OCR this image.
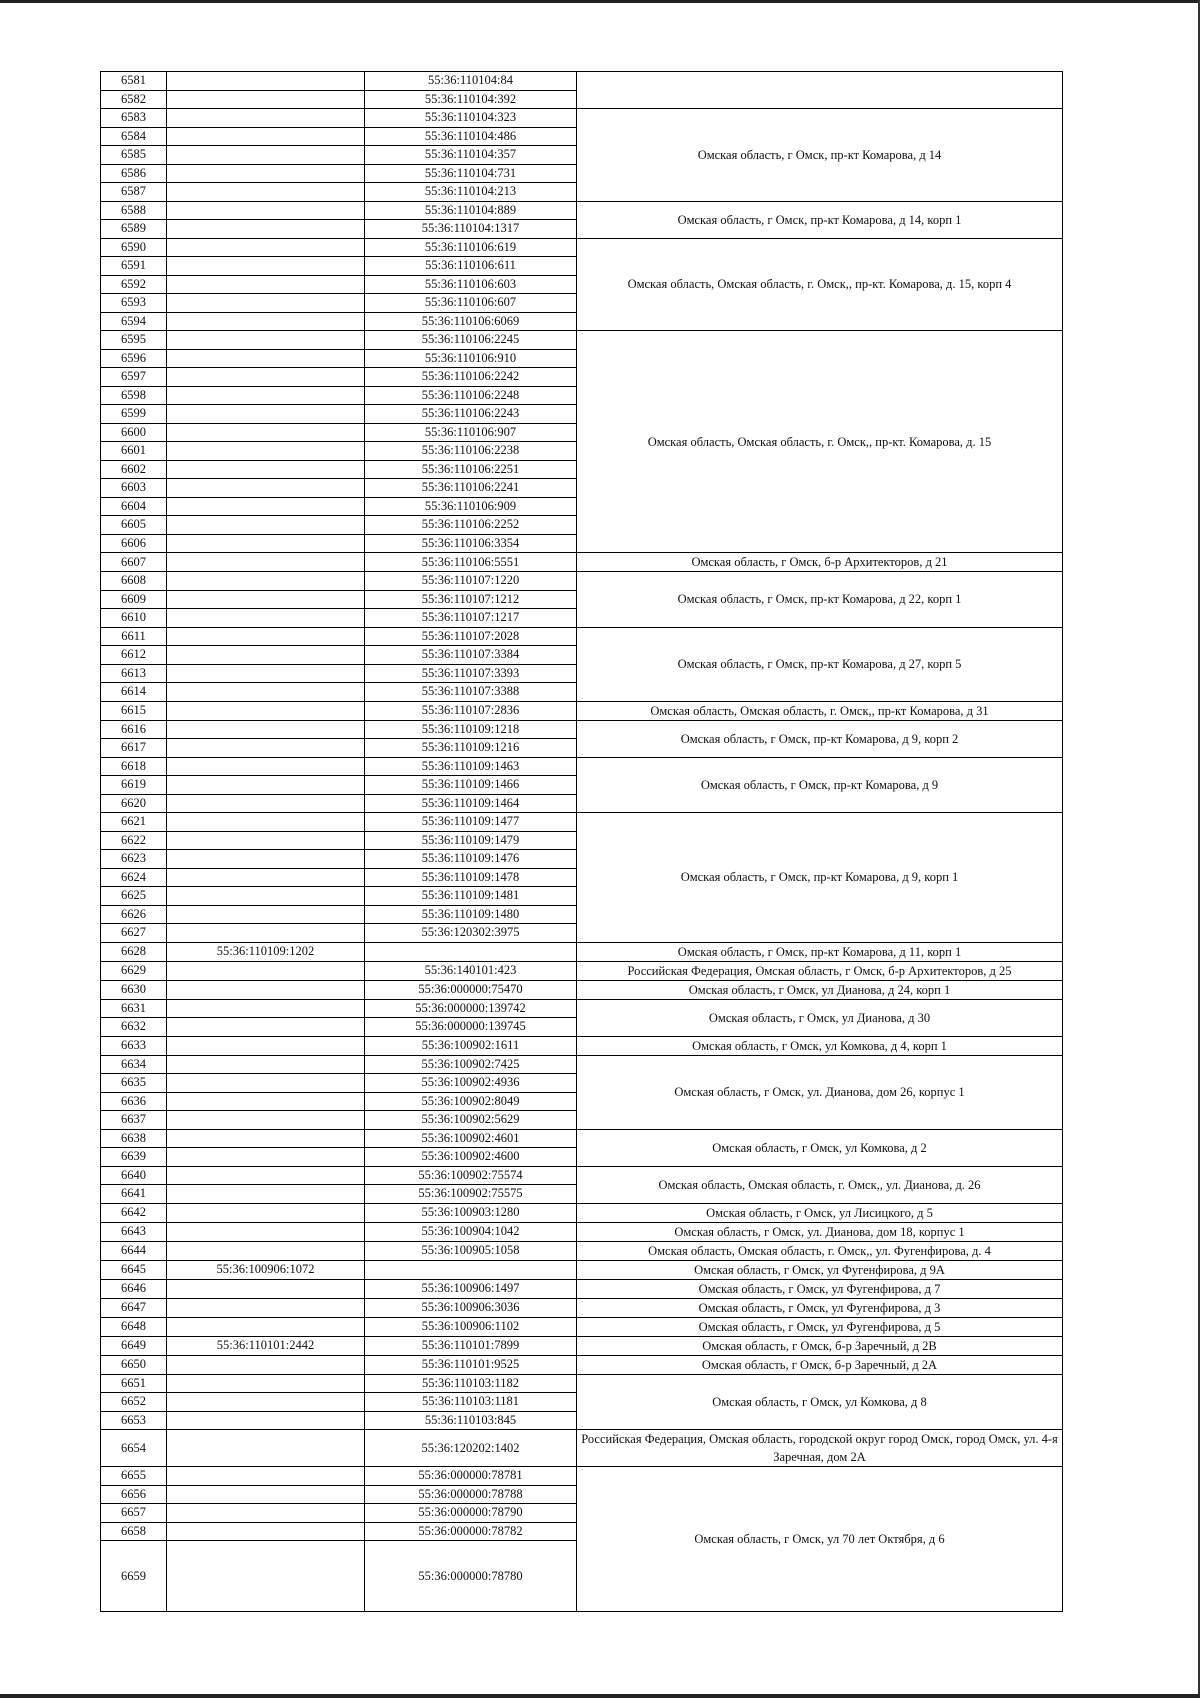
6581		55:36:110104:84	
6582		55:36:110104:392	
6583		55:36:110104:323	Омская область, г Омск, пр-кт Комарова, д 14
6584		55:36:110104:486	
6585		55:36:110104:357	
6586		55:36:110104:731	
6587		55:36:110104:213	
6588		55:36:110104:889	Омская область, г Омск, пр-кт Комарова, д 14, корп 1
6589		55:36:110104:1317	
6590		55:36:110106:619	Омская область, Омская область, г. Омск,, пр-кт. Комарова, д. 15, корп 4
6591		55:36:110106:611	
6592		55:36:110106:603	
6593		55:36:110106:607	
6594		55:36:110106:6069	
6595		55:36:110106:2245	Омская область, Омская область, г. Омск,, пр-кт. Комарова, д. 15
6596		55:36:110106:910	
6597		55:36:110106:2242	
6598		55:36:110106:2248	
6599		55:36:110106:2243	
6600		55:36:110106:907	
6601		55:36:110106:2238	
6602		55:36:110106:2251	
6603		55:36:110106:2241	
6604		55:36:110106:909	
6605		55:36:110106:2252	
6606		55:36:110106:3354	
6607		55:36:110106:5551	Омская область, г Омск, б-р Архитекторов, д 21
6608		55:36:110107:1220	Омская область, г Омск, пр-кт Комарова, д 22, корп 1
6609		55:36:110107:1212	
6610		55:36:110107:1217	
6611		55:36:110107:2028	Омская область, г Омск, пр-кт Комарова, д 27, корп 5
6612		55:36:110107:3384	
6613		55:36:110107:3393	
6614		55:36:110107:3388	
6615		55:36:110107:2836	Омская область, Омская область, г. Омск,, пр-кт Комарова, д 31
6616		55:36:110109:1218	Омская область, г Омск, пр-кт Комарова, д 9, корп 2
6617		55:36:110109:1216	
6618		55:36:110109:1463	Омская область, г Омск, пр-кт Комарова, д 9
6619		55:36:110109:1466	
6620		55:36:110109:1464	
6621		55:36:110109:1477	Омская область, г Омск, пр-кт Комарова, д 9, корп 1
6622		55:36:110109:1479	
6623		55:36:110109:1476	
6624		55:36:110109:1478	
6625		55:36:110109:1481	
6626		55:36:110109:1480	
6627		55:36:120302:3975	
6628	55:36:110109:1202		Омская область, г Омск, пр-кт Комарова, д 11, корп 1
6629		55:36:140101:423	Российская Федерация, Омская область, г Омск, б-р Архитекторов, д 25
6630		55:36:000000:75470	Омская область, г Омск, ул Дианова, д 24, корп 1
6631		55:36:000000:139742	Омская область, г Омск, ул Дианова, д 30
6632		55:36:000000:139745	
6633		55:36:100902:1611	Омская область, г Омск, ул Комкова, д 4, корп 1
6634		55:36:100902:7425	Омская область, г Омск, ул. Дианова, дом 26, корпус 1
6635		55:36:100902:4936	
6636		55:36:100902:8049	
6637		55:36:100902:5629	
6638		55:36:100902:4601	Омская область, г Омск, ул Комкова, д 2
6639		55:36:100902:4600	
6640		55:36:100902:75574	Омская область, Омская область, г. Омск,, ул. Дианова, д. 26
6641		55:36:100902:75575	
6642		55:36:100903:1280	Омская область, г Омск, ул Лисицкого, д 5
6643		55:36:100904:1042	Омская область, г Омск, ул. Дианова, дом 18, корпус 1
6644		55:36:100905:1058	Омская область, Омская область, г. Омск,, ул. Фугенфирова, д. 4
6645	55:36:100906:1072		Омская область, г Омск, ул Фугенфирова, д 9А
6646		55:36:100906:1497	Омская область, г Омск, ул Фугенфирова, д 7
6647		55:36:100906:3036	Омская область, г Омск, ул Фугенфирова, д 3
6648		55:36:100906:1102	Омская область, г Омск, ул Фугенфирова, д 5
6649	55:36:110101:2442	55:36:110101:7899	Омская область, г Омск, б-р Заречный, д 2В
6650		55:36:110101:9525	Омская область, г Омск, б-р Заречный, д 2А
6651		55:36:110103:1182	Омская область, г Омск, ул Комкова, д 8
6652		55:36:110103:1181	
6653		55:36:110103:845	
6654		55:36:120202:1402	Российская Федерация, Омская область, городской округ город Омск, город Омск, ул. 4-я Заречная, дом 2А
6655		55:36:000000:78781	Омская область, г Омск, ул 70 лет Октября, д 6
6656		55:36:000000:78788	
6657		55:36:000000:78790	
6658		55:36:000000:78782	
6659		55:36:000000:78780	
